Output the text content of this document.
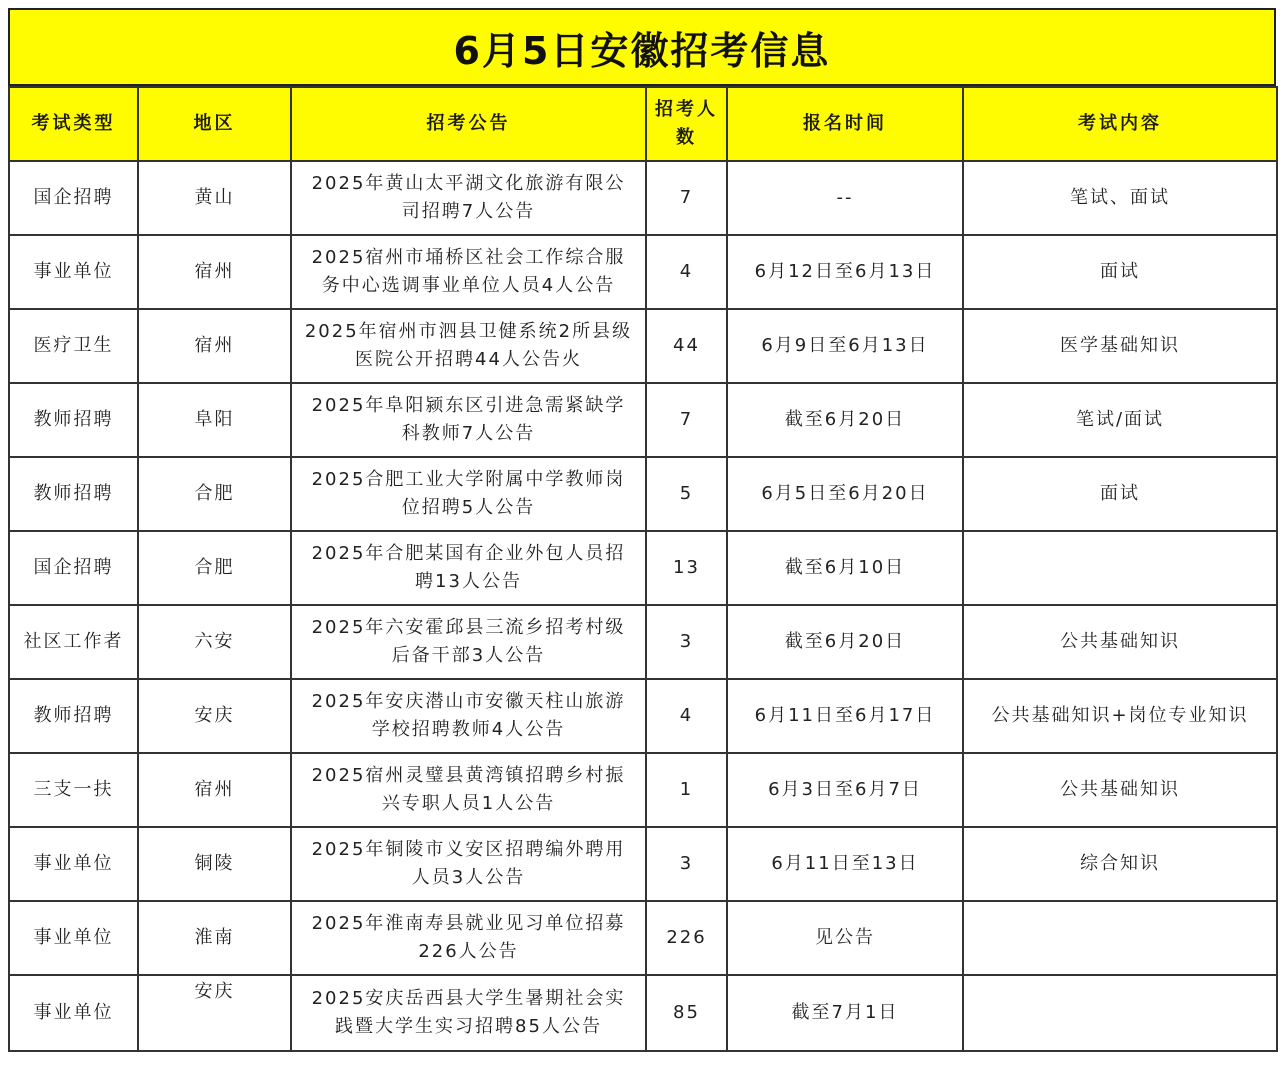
6月5日安徽招考信息
考试类型	地区	招考公告	招考人数	报名时间	考试内容
国企招聘	黄山	2025年黄山太平湖文化旅游有限公司招聘7人公告	7	--	笔试、面试
事业单位	宿州	2025宿州市埇桥区社会工作综合服务中心选调事业单位人员4人公告	4	6月12日至6月13日	面试
医疗卫生	宿州	2025年宿州市泗县卫健系统2所县级医院公开招聘44人公告火	44	6月9日至6月13日	医学基础知识
教师招聘	阜阳	2025年阜阳颍东区引进急需紧缺学科教师7人公告	7	截至6月20日	笔试/面试
教师招聘	合肥	2025合肥工业大学附属中学教师岗位招聘5人公告	5	6月5日至6月20日	面试
国企招聘	合肥	2025年合肥某国有企业外包人员招聘13人公告	13	截至6月10日	
社区工作者	六安	2025年六安霍邱县三流乡招考村级后备干部3人公告	3	截至6月20日	公共基础知识
教师招聘	安庆	2025年安庆潜山市安徽天柱山旅游学校招聘教师4人公告	4	6月11日至6月17日	公共基础知识+岗位专业知识
三支一扶	宿州	2025宿州灵璧县黄湾镇招聘乡村振兴专职人员1人公告	1	6月3日至6月7日	公共基础知识
事业单位	铜陵	2025年铜陵市义安区招聘编外聘用人员3人公告	3	6月11日至13日	综合知识
事业单位	淮南	2025年淮南寿县就业见习单位招募226人公告	226	见公告	
事业单位	安庆	2025安庆岳西县大学生暑期社会实践暨大学生实习招聘85人公告	85	截至7月1日	
